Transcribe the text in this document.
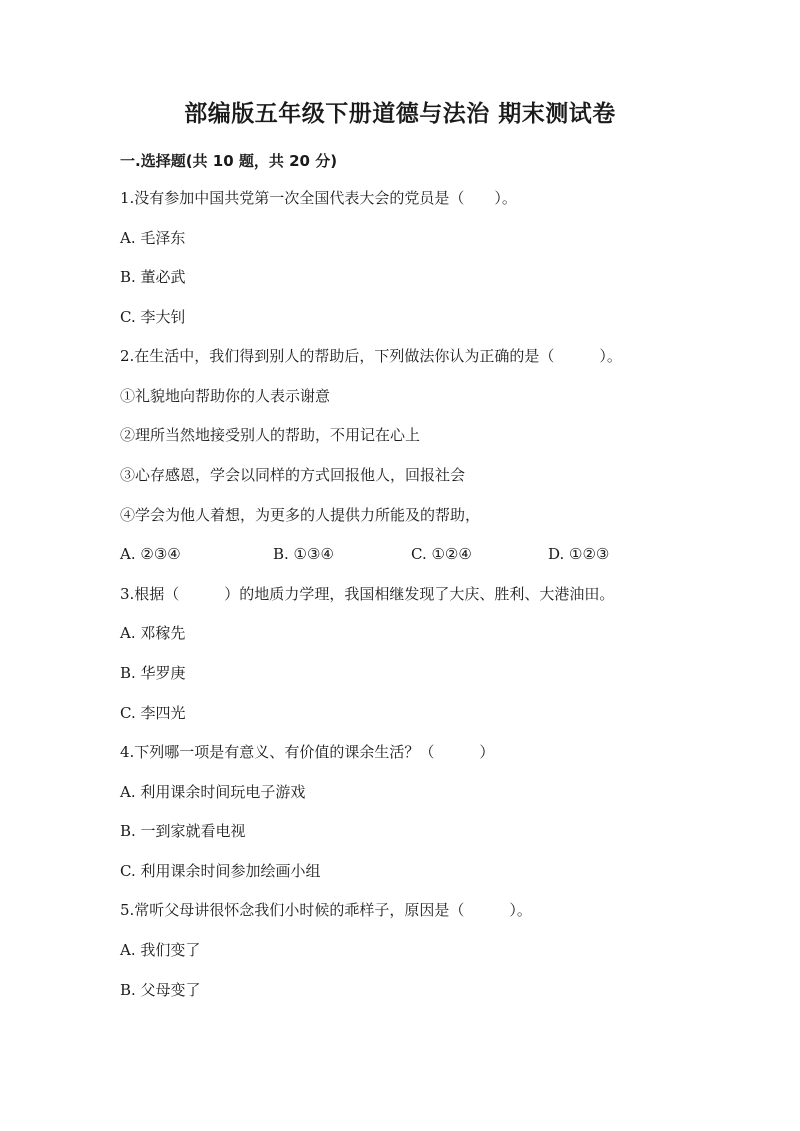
部编版五年级下册道德与法治 期末测试卷
一.选择题(共 10 题，共 20 分)
1.没有参加中国共党第一次全国代表大会的党员是（　　）。
A. 毛泽东
B. 董必武
C. 李大钊
2.在生活中，我们得到别人的帮助后，下列做法你认为正确的是（　　　）。
①礼貌地向帮助你的人表示谢意
②理所当然地接受别人的帮助，不用记在心上
③心存感恩，学会以同样的方式回报他人，回报社会
④学会为他人着想，为更多的人提供力所能及的帮助，
A. ②③④	B. ①③④	C. ①②④	D. ①②③
3.根据（　　　）的地质力学理，我国相继发现了大庆、胜利、大港油田。
A. 邓稼先
B. 华罗庚
C. 李四光
4.下列哪一项是有意义、有价值的课余生活？（　　　）
A. 利用课余时间玩电子游戏
B. 一到家就看电视
C. 利用课余时间参加绘画小组
5.常听父母讲很怀念我们小时候的乖样子，原因是（　　　）。
A. 我们变了
B. 父母变了
